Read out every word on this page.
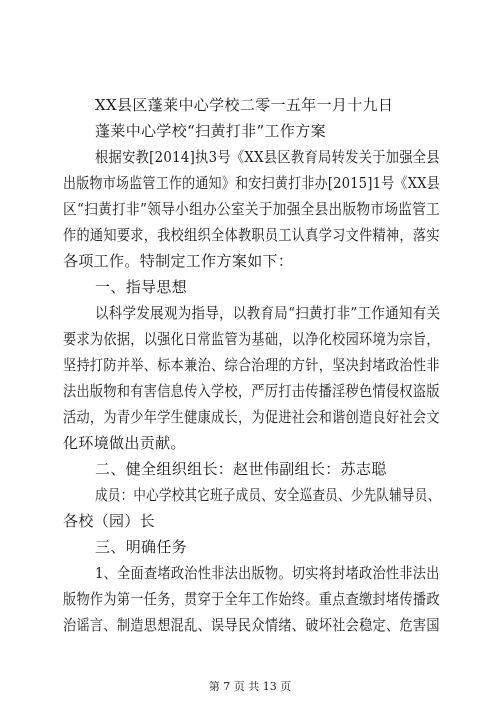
XX县区蓬莱中心学校二零一五年一月十九日
蓬莱中心学校“扫黄打非”工作方案
根据安教[2014]执3号《XX县区教育局转发关于加强全县
出版物市场监管工作的通知》和安扫黄打非办[2015]1号《XX县
区“扫黄打非”领导小组办公室关于加强全县出版物市场监管工
作的通知要求，我校组织全体教职员工认真学习文件精神，落实
各项工作。特制定工作方案如下：
一、指导思想
以科学发展观为指导，以教育局“扫黄打非”工作通知有关
要求为依据，以强化日常监管为基础，以净化校园环境为宗旨，
坚持打防并举、标本兼治、综合治理的方针，坚决封堵政治性非
法出版物和有害信息传入学校，严厉打击传播淫秽色情侵权盗版
活动，为青少年学生健康成长，为促进社会和谐创造良好社会文
化环境做出贡献。
二、健全组织组长：赵世伟副组长：苏志聪
成员：中心学校其它班子成员、安全巡查员、少先队辅导员、
各校（园）长
三、明确任务
1、全面查堵政治性非法出版物。切实将封堵政治性非法出
版物作为第一任务，贯穿于全年工作始终。重点查缴封堵传播政
治谣言、制造思想混乱、误导民众情绪、破坏社会稳定、危害国
第 7 页 共 13 页
